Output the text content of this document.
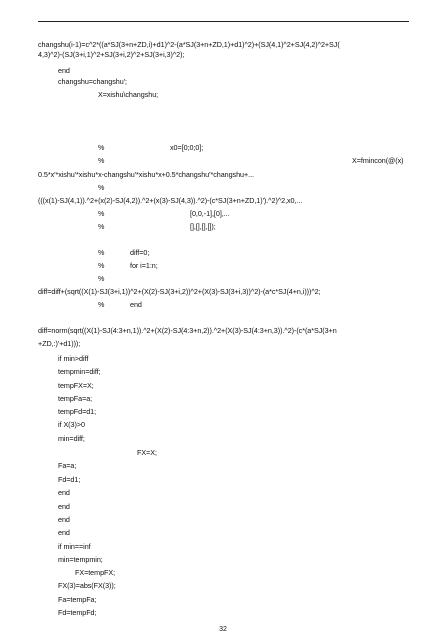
changshu(i-1)=c^2*((a*SJ(3+n+ZD,i)+d1)^2-(a*SJ(3+n+ZD,1)+d1)^2)+(SJ(4,1)^2+SJ(4,2)^2+SJ(
4,3)^2)-(SJ(3+i,1)^2+SJ(3+i,2)^2+SJ(3+i,3)^2);
end
changshu=changshu';
X=xishu\changshu;
%	x0=[0;0;0];
%	X=fmincon(@(x)
0.5*x'*xishu'*xishu*x-changshu'*xishu*x+0.5*changshu'*changshu+...
%
(((x(1)-SJ(4,1)).^2+(x(2)-SJ(4,2)).^2+(x(3)-SJ(4,3)).^2)-(c*SJ(3+n+ZD,1)').^2)^2,x0,...
%	[0,0,-1],[0],...
%	[],[],[],[]);
%	diff=0;
%	for i=1:n;
%
diff=diff+(sqrt((X(1)-SJ(3+i,1))^2+(X(2)-SJ(3+i,2))^2+(X(3)-SJ(3+i,3))^2)-(a*c*SJ(4+n,i)))^2;
%	end
diff=norm(sqrt((X(1)-SJ(4:3+n,1)).^2+(X(2)-SJ(4:3+n,2)).^2+(X(3)-SJ(4:3+n,3)).^2)-(c*(a*SJ(3+n
+ZD,:)'+d1)));
if min>diff
tempmin=diff;
tempFX=X;
tempFa=a;
tempFd=d1;
if X(3)>0
min=diff;
FX=X;
Fa=a;
Fd=d1;
end
end
end
end
if min==inf
min=tempmin;
FX=tempFX;
FX(3)=abs(FX(3));
Fa=tempFa;
Fd=tempFd;
32
